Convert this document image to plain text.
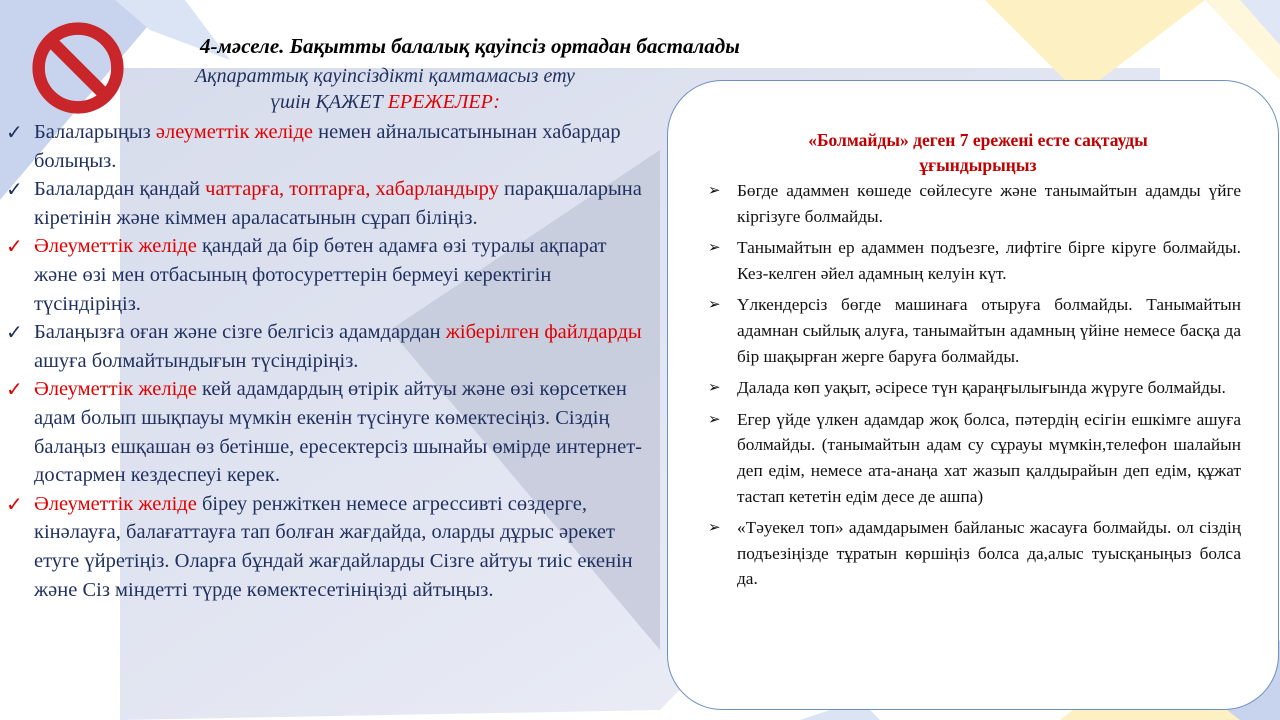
4-мәселе. Бақытты балалық қауіпсіз ортадан басталады
Ақпараттық қауіпсіздікті қамтамасыз ету
үшін ҚАЖЕТ ЕРЕЖЕЛЕР:
✓ Балаларыңыз әлеуметтік желіде немен айналысатынынан хабардар болыңыз.
✓ Балалардан қандай чаттарға, топтарға, хабарландыру парақшаларына кіретінін және кіммен араласатынын сұрап біліңіз.
✓ Әлеуметтік желіде қандай да бір бөтен адамға өзі туралы ақпарат және өзі мен отбасының фотосуреттерін бермеуі керектігін түсіндіріңіз.
✓ Балаңызға оған және сізге белгісіз адамдардан жіберілген файлдарды ашуға болмайтындығын түсіндіріңіз.
✓ Әлеуметтік желіде кей адамдардың өтірік айтуы және өзі көрсеткен адам болып шықпауы мүмкін екенін түсінуге көмектесіңіз. Сіздің балаңыз ешқашан өз бетінше, ересектерсіз шынайы өмірде интернет-достармен кездеспеуі керек.
✓ Әлеуметтік желіде біреу ренжіткен немесе агрессивті сөздерге, кінәлауға, балағаттауға тап болған жағдайда, оларды дұрыс әрекет етуге үйретіңіз. Оларға бұндай жағдайларды Сізге айтуы тиіс екенін және Сіз міндетті түрде көмектесетініңізді айтыңыз.
«Болмайды» деген 7 ережені есте сақтауды ұғындырыңыз
➢ Бөгде адаммен көшеде сөйлесуге және танымайтын адамды үйге кіргізуге болмайды.
➢ Танымайтын ер адаммен подъезге, лифтіге бірге кіруге болмайды. Кез-келген әйел адамның келуін күт.
➢ Үлкендерсіз бөгде машинаға отыруға болмайды. Танымайтын адамнан сыйлық алуға, танымайтын адамның үйіне немесе басқа да бір шақырған жерге баруға болмайды.
➢ Далада көп уақыт, әсіресе түн қараңғылығында жүруге болмайды.
➢ Егер үйде үлкен адамдар жоқ болса, пәтердің есігін ешкімге ашуға болмайды. (танымайтын адам су сұрауы мүмкін,телефон шалайын деп едім, немесе ата-анаңа хат жазып қалдырайын деп едім, құжат тастап кететін едім десе де ашпа)
➢ «Тәуекел топ» адамдарымен байланыс жасауға болмайды. ол сіздің подъезіңізде тұратын көршіңіз болса да,алыс туысқаныңыз болса да.
